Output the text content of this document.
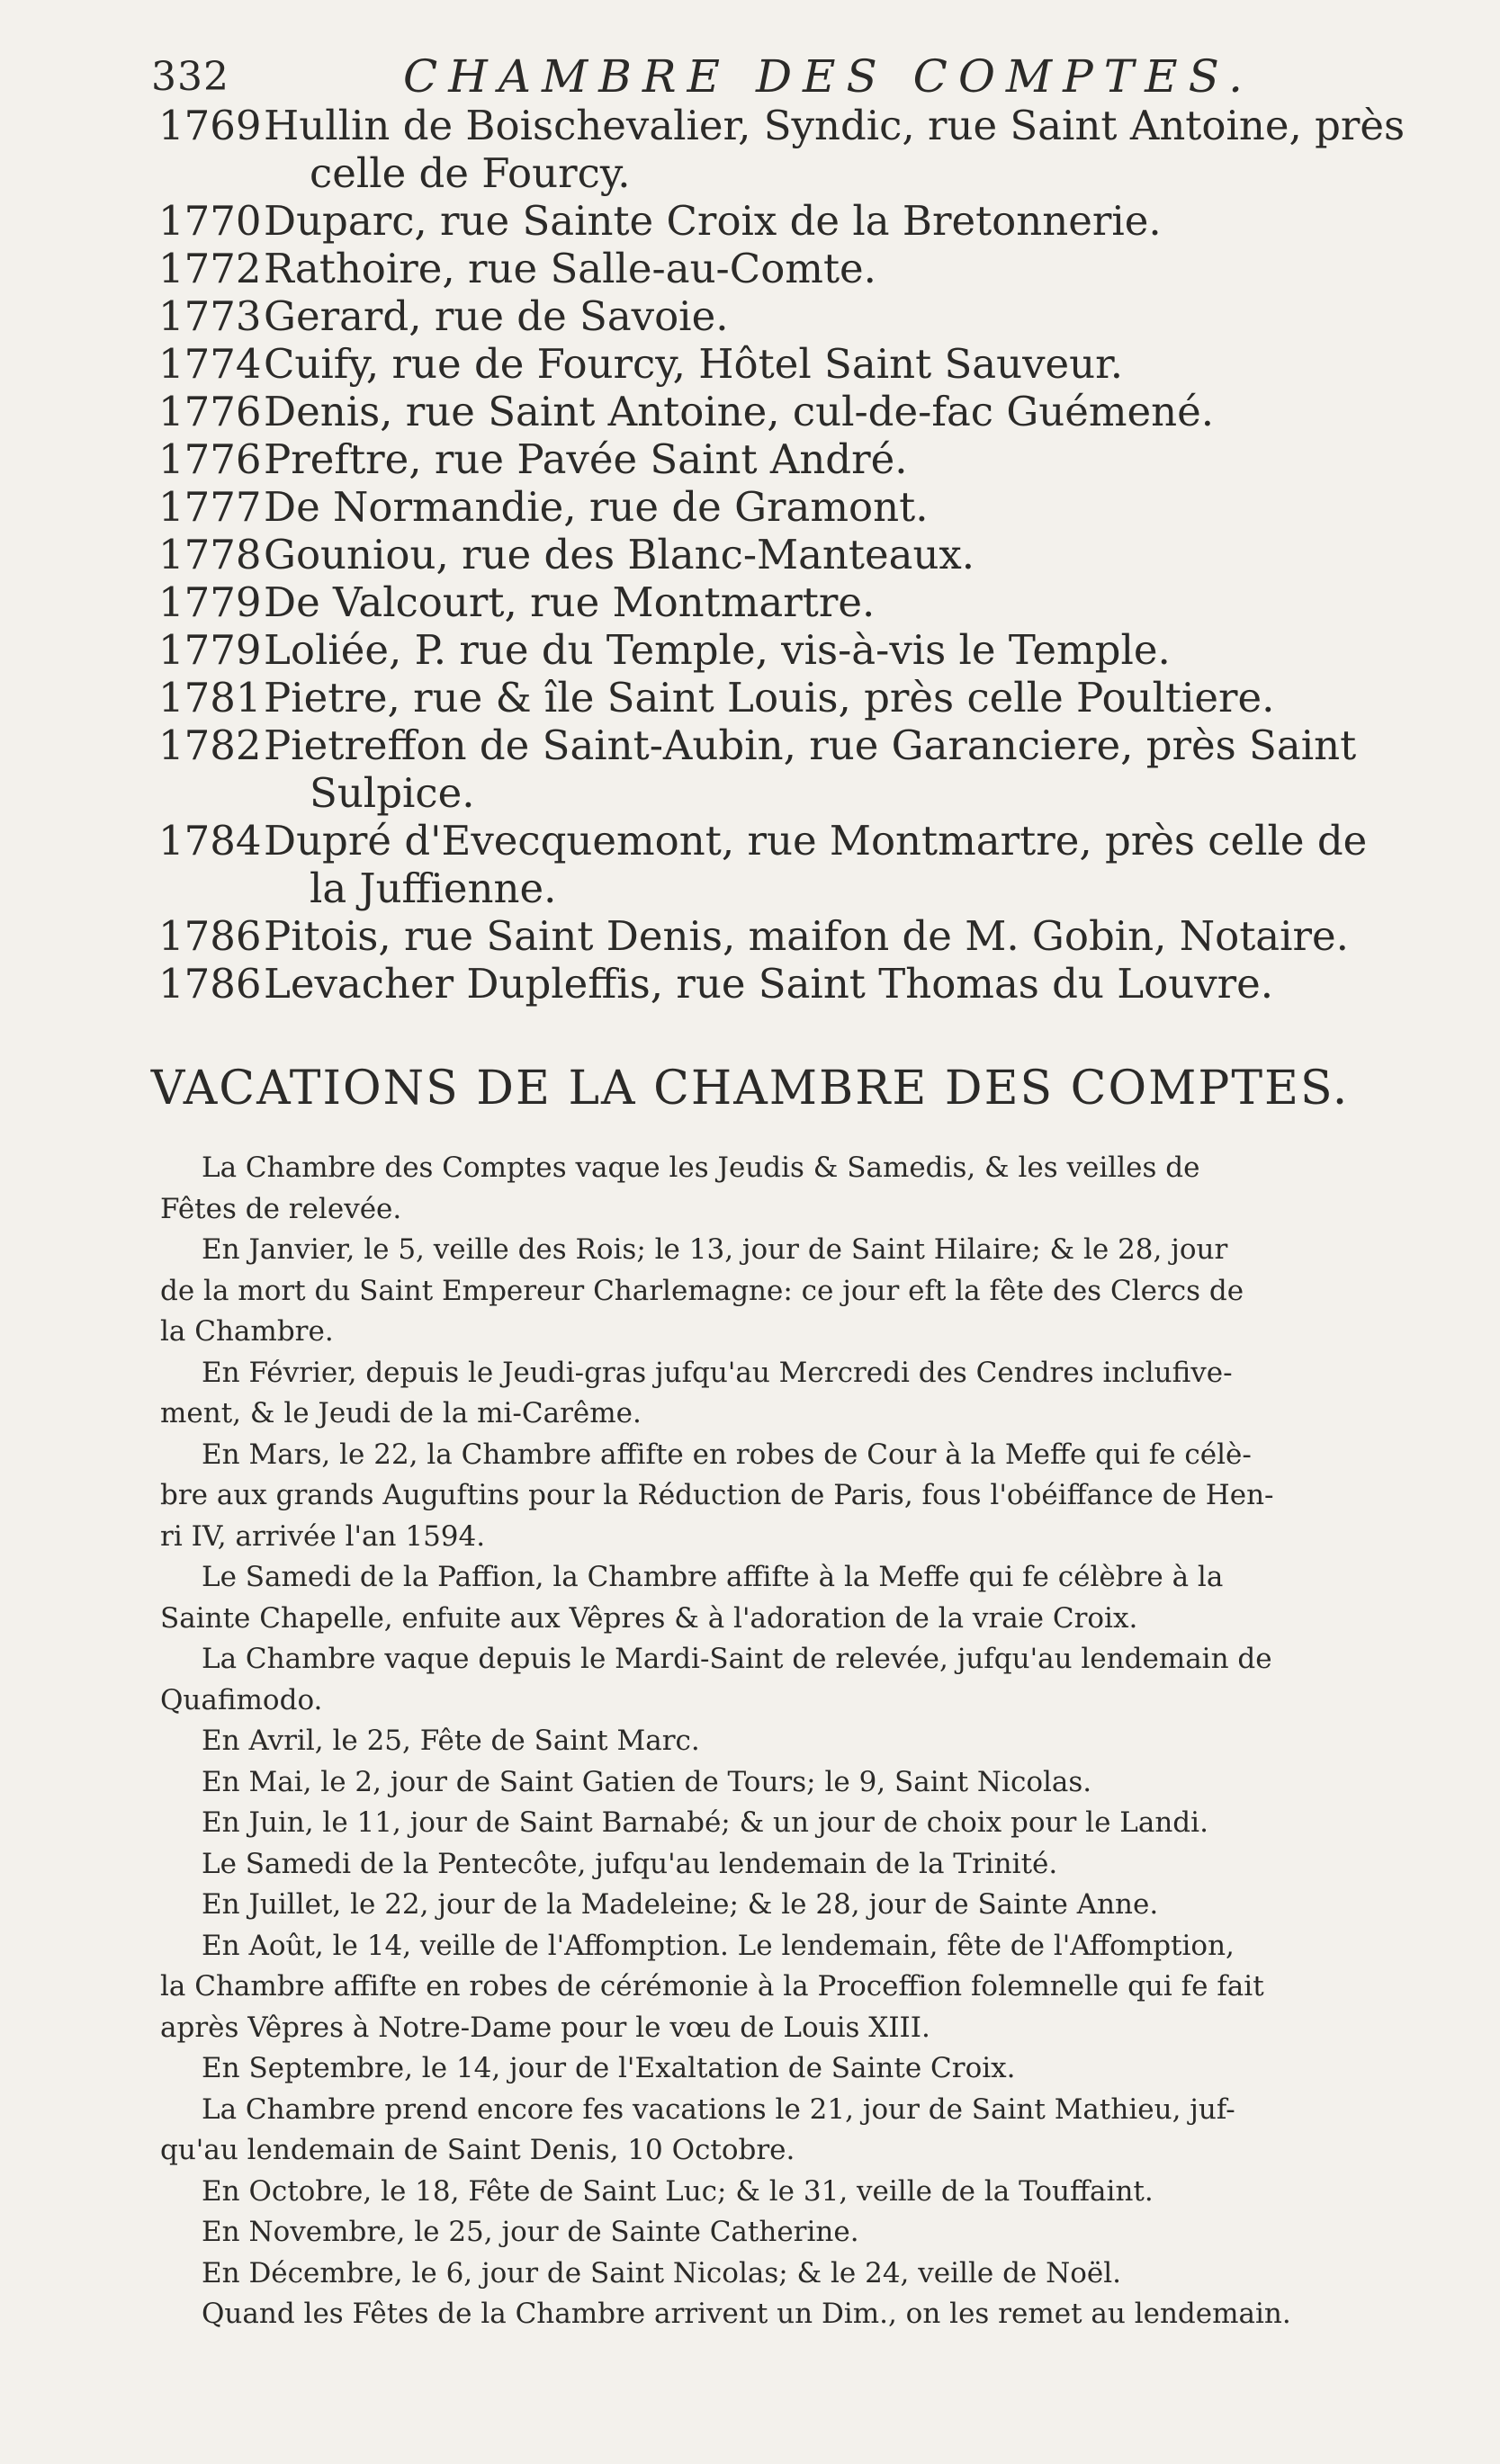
332	CHAMBRE DES COMPTES.
1769 Hullin de Boischevalier, Syndic, rue Saint Antoine, près
celle de Fourcy.
1770 Duparc, rue Sainte Croix de la Bretonnerie.
1772 Rathoire, rue Salle-au-Comte.
1773 Gerard, rue de Savoie.
1774 Cuify, rue de Fourcy, Hôtel Saint Sauveur.
1776 Denis, rue Saint Antoine, cul-de-fac Guémené.
1776 Preftre, rue Pavée Saint André.
1777 De Normandie, rue de Gramont.
1778 Gouniou, rue des Blanc-Manteaux.
1779 De Valcourt, rue Montmartre.
1779 Loliée, P. rue du Temple, vis-à-vis le Temple.
1781 Pietre, rue & île Saint Louis, près celle Poultiere.
1782 Pietreffon de Saint-Aubin, rue Garanciere, près Saint
Sulpice.
1784 Dupré d'Evecquemont, rue Montmartre, près celle de
la Juffienne.
1786 Pitois, rue Saint Denis, maifon de M. Gobin, Notaire.
1786 Levacher Dupleffis, rue Saint Thomas du Louvre.
VACATIONS DE LA CHAMBRE DES COMPTES.

La Chambre des Comptes vaque les Jeudis & Samedis, & les veilles de
Fêtes de relevée.

En Janvier, le 5, veille des Rois; le 13, jour de Saint Hilaire; & le 28, jour
de la mort du Saint Empereur Charlemagne: ce jour eft la fête des Clercs de
la Chambre.

En Février, depuis le Jeudi-gras jufqu'au Mercredi des Cendres inclufive-
ment, & le Jeudi de la mi-Carême.

En Mars, le 22, la Chambre affifte en robes de Cour à la Meffe qui fe célè-
bre aux grands Auguftins pour la Réduction de Paris, fous l'obéiffance de Hen-
ri IV, arrivée l'an 1594.

Le Samedi de la Paffion, la Chambre affifte à la Meffe qui fe célèbre à la
Sainte Chapelle, enfuite aux Vêpres & à l'adoration de la vraie Croix.

La Chambre vaque depuis le Mardi-Saint de relevée, jufqu'au lendemain de
Quafimodo.

En Avril, le 25, Fête de Saint Marc.

En Mai, le 2, jour de Saint Gatien de Tours; le 9, Saint Nicolas.

En Juin, le 11, jour de Saint Barnabé; & un jour de choix pour le Landi.

Le Samedi de la Pentecôte, jufqu'au lendemain de la Trinité.

En Juillet, le 22, jour de la Madeleine; & le 28, jour de Sainte Anne.

En Août, le 14, veille de l'Affomption. Le lendemain, fête de l'Affomption,
la Chambre affifte en robes de cérémonie à la Proceffion folemnelle qui fe fait
après Vêpres à Notre-Dame pour le vœu de Louis XIII.

En Septembre, le 14, jour de l'Exaltation de Sainte Croix.

La Chambre prend encore fes vacations le 21, jour de Saint Mathieu, juf-
qu'au lendemain de Saint Denis, 10 Octobre.

En Octobre, le 18, Fête de Saint Luc; & le 31, veille de la Touffaint.

En Novembre, le 25, jour de Sainte Catherine.

En Décembre, le 6, jour de Saint Nicolas; & le 24, veille de Noël.

Quand les Fêtes de la Chambre arrivent un Dim., on les remet au lendemain.
